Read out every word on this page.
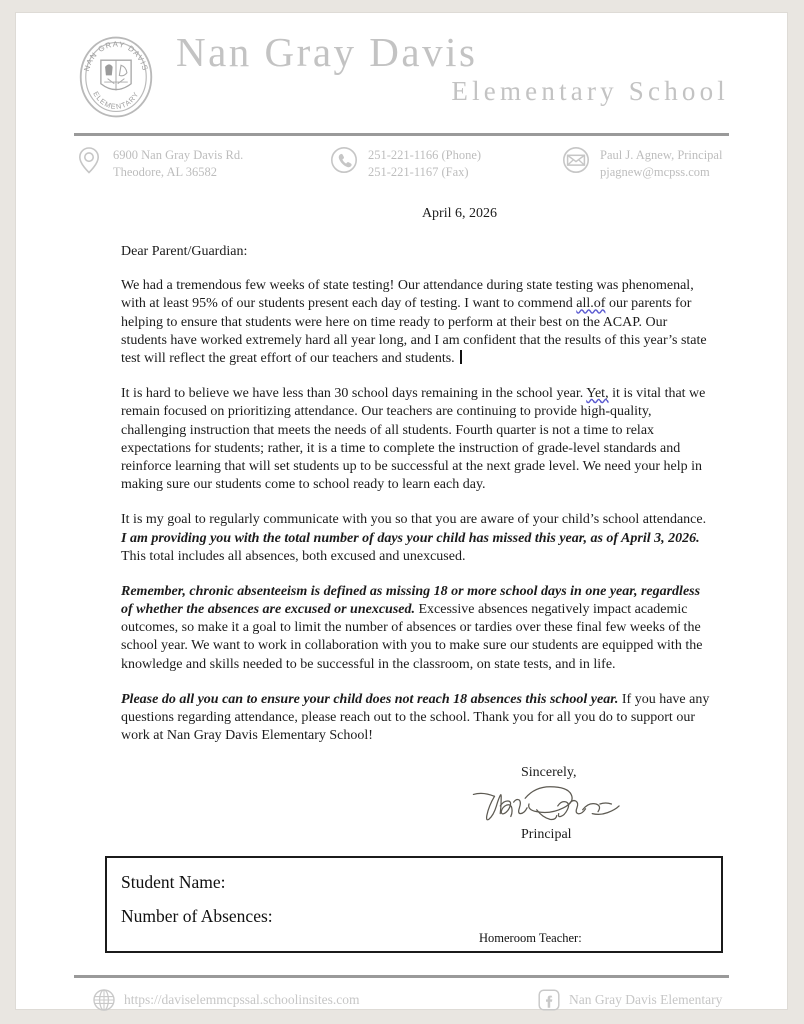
NAN GRAY DAVIS
ELEMENTARY
Nan Gray Davis
Elementary School
6900 Nan Gray Davis Rd.
Theodore, AL 36582
251-221-1166 (Phone)
251-221-1167 (Fax)
Paul J. Agnew, Principal
pjagnew@mcpss.com
April 6, 2026
Dear Parent/Guardian:

We had a tremendous few weeks of state testing! Our attendance during state testing was phenomenal, with at least 95% of our students present each day of testing. I want to commend all.of our parents for helping to ensure that students were here on time ready to perform at their best on the ACAP. Our students have worked extremely hard all year long, and I am confident that the results of this year’s state test will reflect the great effort of our teachers and students.

It is hard to believe we have less than 30 school days remaining in the school year. Yet, it is vital that we remain focused on prioritizing attendance. Our teachers are continuing to provide high-quality, challenging instruction that meets the needs of all students. Fourth quarter is not a time to relax expectations for students; rather, it is a time to complete the instruction of grade-level standards and reinforce learning that will set students up to be successful at the next grade level. We need your help in making sure our students come to school ready to learn each day.

It is my goal to regularly communicate with you so that you are aware of your child’s school attendance. I am providing you with the total number of days your child has missed this year, as of April 3, 2026. This total includes all absences, both excused and unexcused.

Remember, chronic absenteeism is defined as missing 18 or more school days in one year, regardless of whether the absences are excused or unexcused. Excessive absences negatively impact academic outcomes, so make it a goal to limit the number of absences or tardies over these final few weeks of the school year. We want to work in collaboration with you to make sure our students are equipped with the knowledge and skills needed to be successful in the classroom, on state tests, and in life.

Please do all you can to ensure your child does not reach 18 absences this school year. If you have any questions regarding attendance, please reach out to the school. Thank you for all you do to support our work at Nan Gray Davis Elementary School!

Sincerely,
Principal
Student Name:
Number of Absences:
Homeroom Teacher:
https://daviselemmcpssal.schoolinsites.com	Nan Gray Davis Elementary
